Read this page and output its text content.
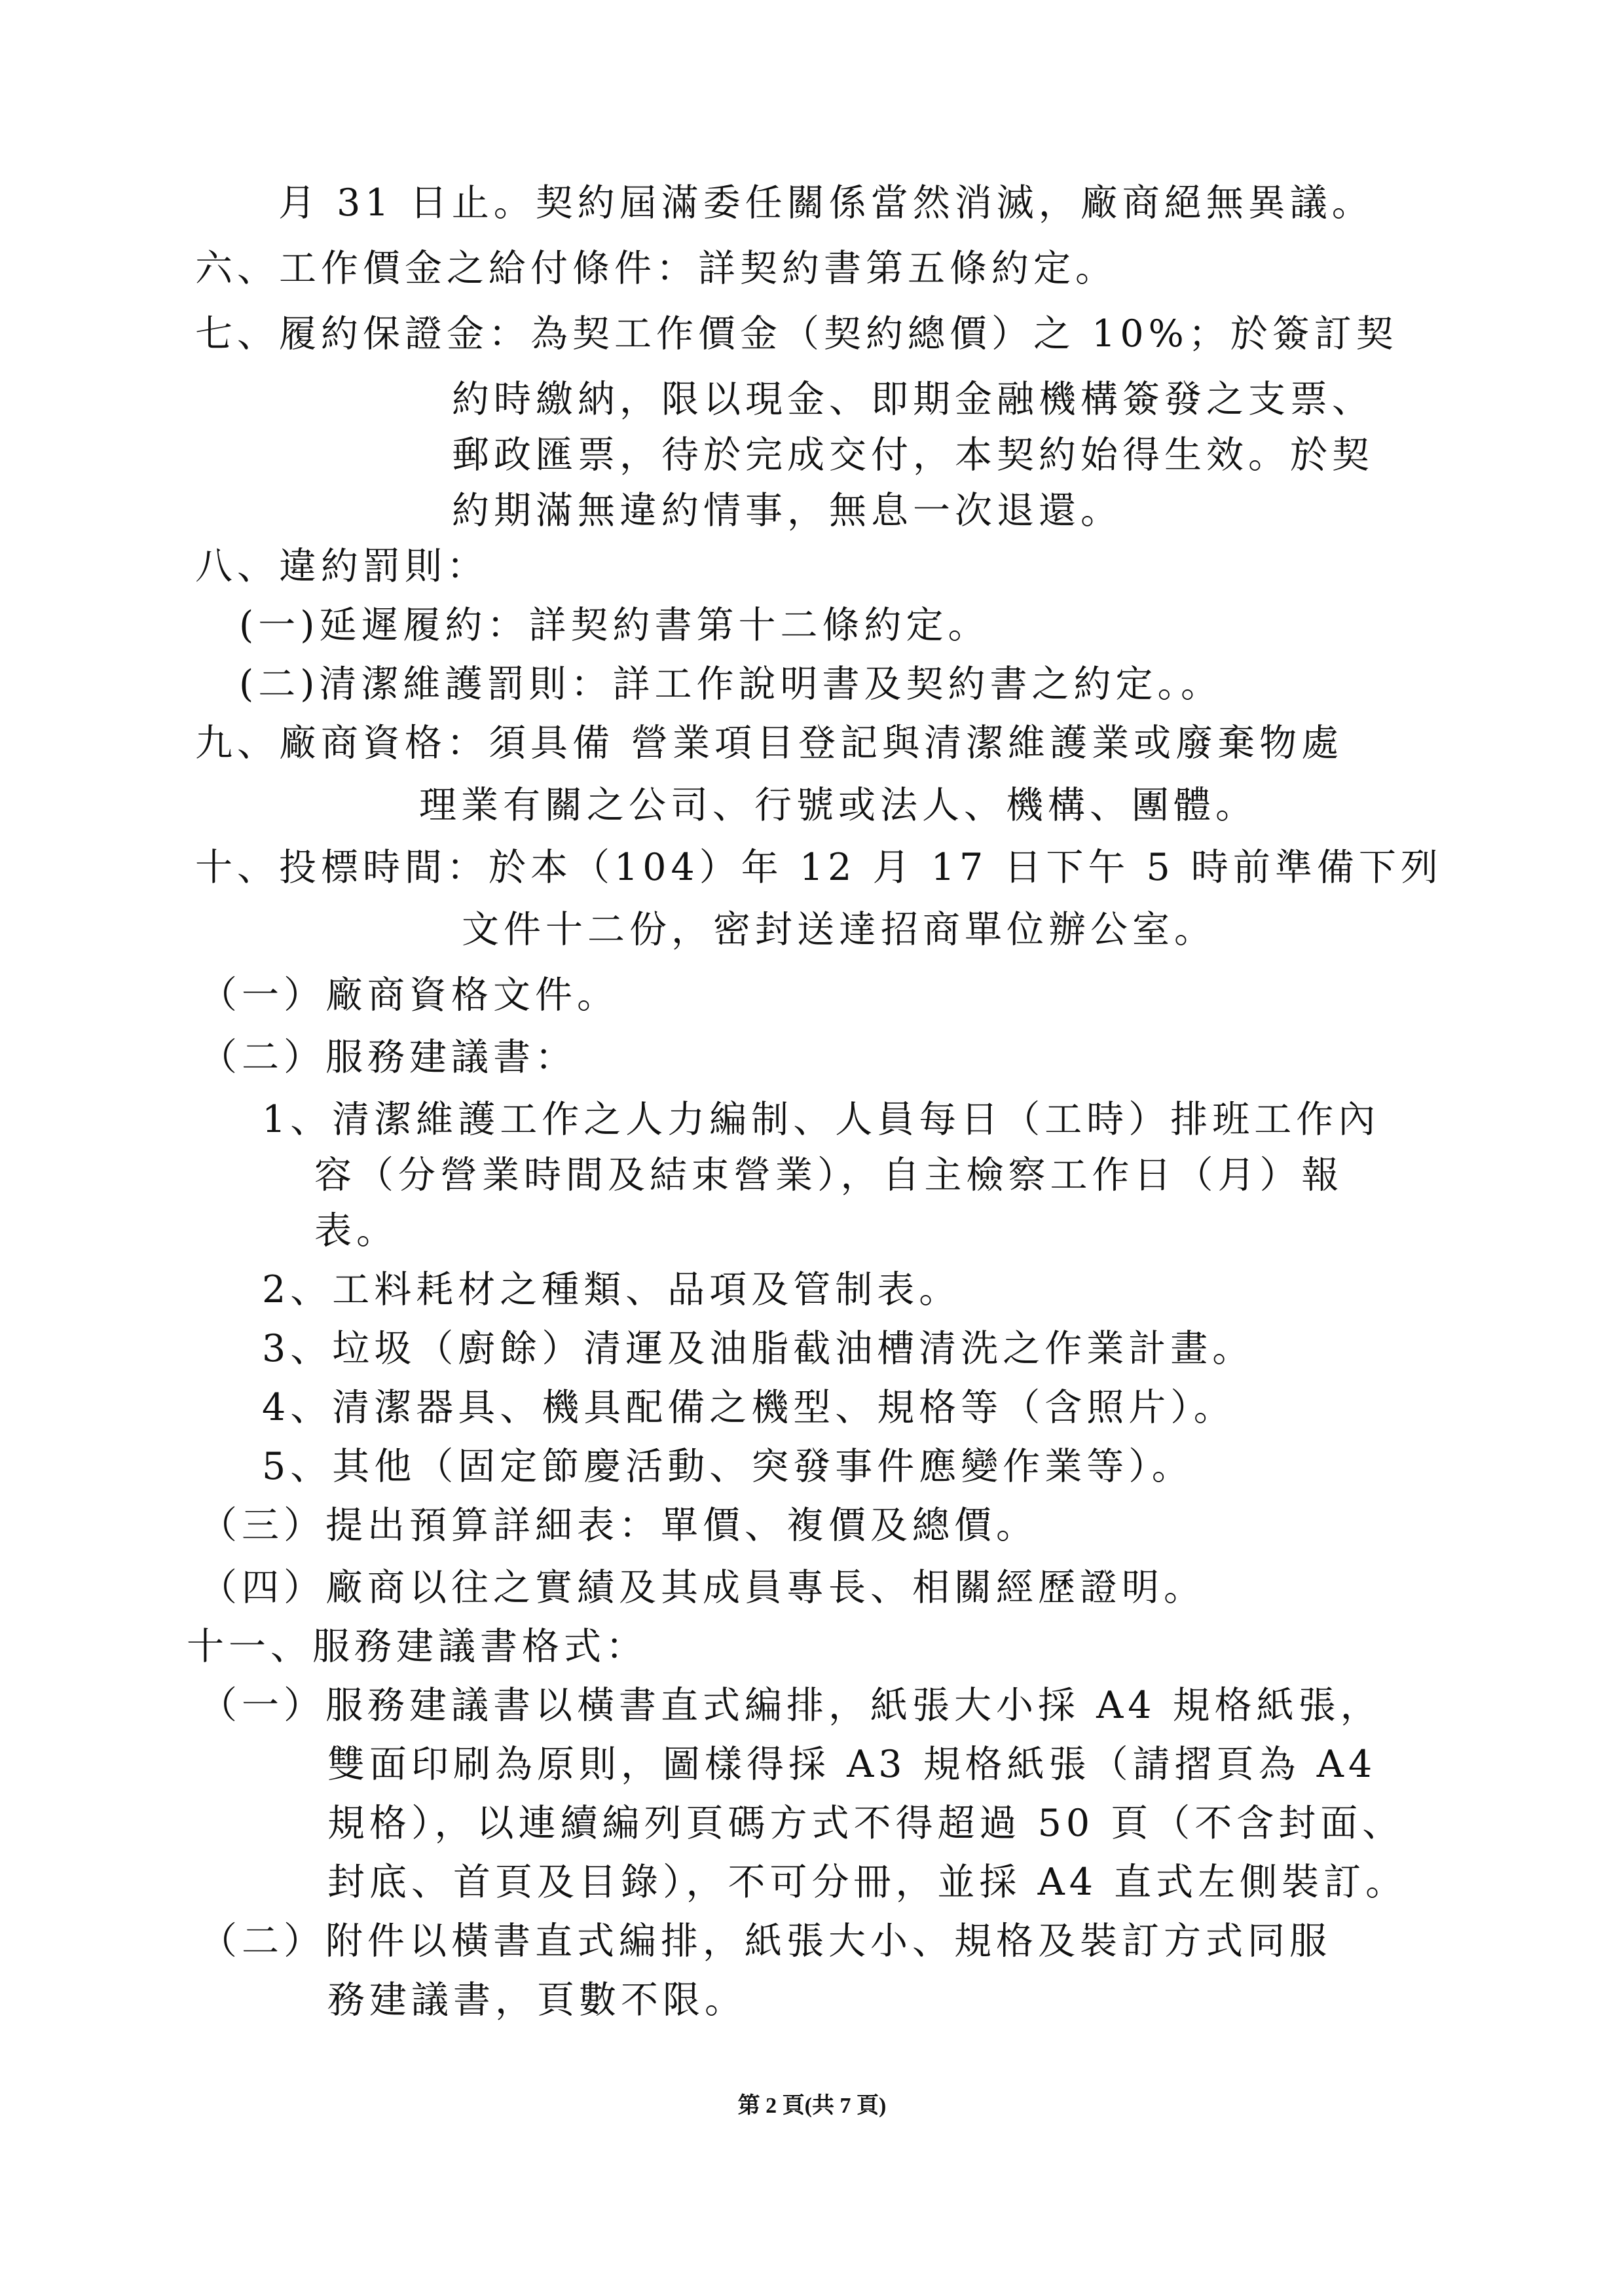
月 31 日止。契約屆滿委任關係當然消滅，廠商絕無異議。
六、工作價金之給付條件：詳契約書第五條約定。
七、履約保證金：為契工作價金（契約總價）之 10%；於簽訂契
約時繳納，限以現金、即期金融機構簽發之支票、
郵政匯票，待於完成交付，本契約始得生效。於契
約期滿無違約情事，無息一次退還。
八、違約罰則：
(一)延遲履約：詳契約書第十二條約定。
(二)清潔維護罰則：詳工作說明書及契約書之約定。。
九、廠商資格：須具備 營業項目登記與清潔維護業或廢棄物處
理業有關之公司、行號或法人、機構、團體。
十、投標時間：於本（104）年 12 月 17 日下午 5 時前準備下列
文件十二份，密封送達招商單位辦公室。
（一）廠商資格文件。
（二）服務建議書：
1、清潔維護工作之人力編制、人員每日（工時）排班工作內
容（分營業時間及結束營業），自主檢察工作日（月）報
表。
2、工料耗材之種類、品項及管制表。
3、垃圾（廚餘）清運及油脂截油槽清洗之作業計畫。
4、清潔器具、機具配備之機型、規格等（含照片）。
5、其他（固定節慶活動、突發事件應變作業等）。
（三）提出預算詳細表：單價、複價及總價。
（四）廠商以往之實績及其成員專長、相關經歷證明。
十一、服務建議書格式：
（一）服務建議書以橫書直式編排，紙張大小採 A4 規格紙張，
雙面印刷為原則，圖樣得採 A3 規格紙張（請摺頁為 A4
規格），以連續編列頁碼方式不得超過 50 頁（不含封面、
封底、首頁及目錄），不可分冊，並採 A4 直式左側裝訂。
（二）附件以橫書直式編排，紙張大小、規格及裝訂方式同服
務建議書，頁數不限。
第 2 頁(共 7 頁)
